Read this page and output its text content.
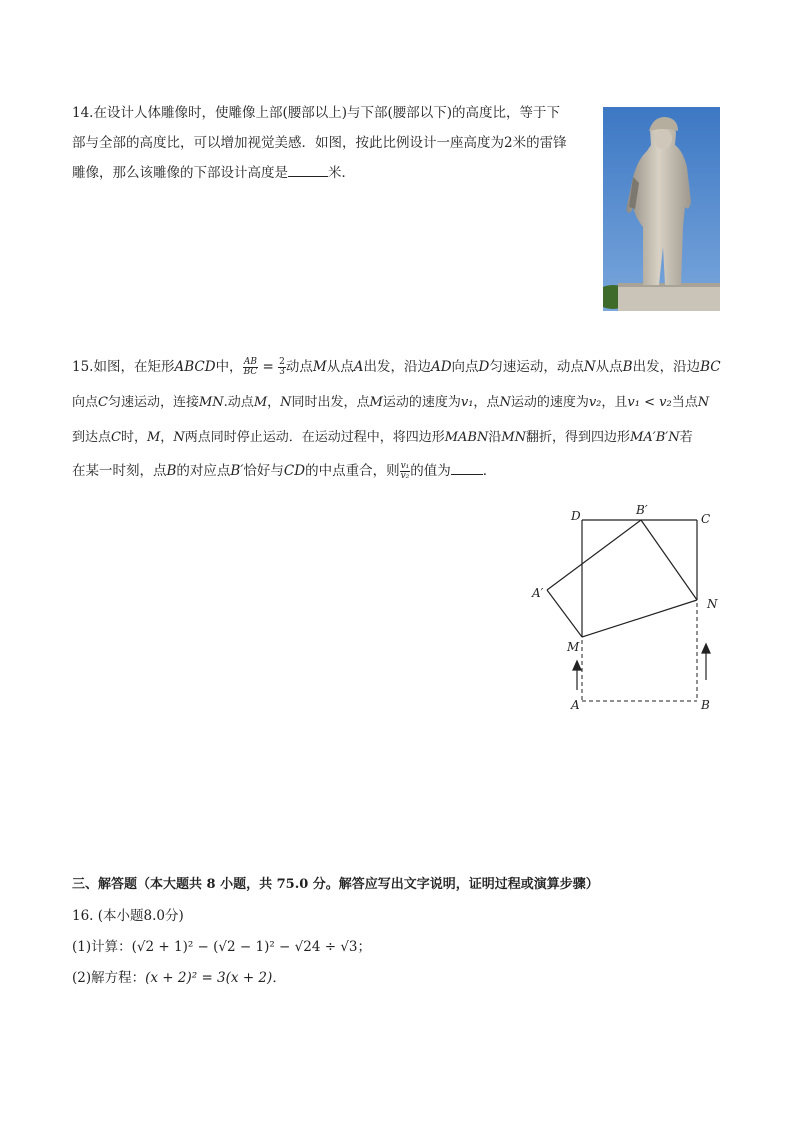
14.在设计人体雕像时，使雕像上部(腰部以上)与下部(腰部以下)的高度比，等于下
部与全部的高度比，可以增加视觉美感．如图，按此比例设计一座高度为2米的雷锋
雕像，那么该雕像的下部设计高度是	米．
15.如图，在矩形ABCD中， $\frac{AB}{BC} = \frac{2}{3}$ 动点M从点A出发，沿边AD向点D匀速运动，动点N从点B出发，沿边BC
向点C匀速运动，连接MN.动点M，N同时出发，点M运动的速度为v₁，点N运动的速度为v₂，且v₁ < v₂当点N
到达点C时，M，N两点同时停止运动．在运动过程中，将四边形MABN沿MN翻折，得到四边形MA′B′N若
在某一时刻，点B的对应点B′恰好与CD的中点重合，则 $\frac{\text{v₁}}{\text{v₂}}$ 的值为 ．
D	B′
C
A′
N
M
A	B
三、解答题（本大题共 8 小题，共 75.0 分。解答应写出文字说明，证明过程或演算步骤）
16. (本小题8.0分)
(1)计算：(√2 + 1)² − (√2 − 1)² − √24 ÷ √3；
(2)解方程：(x + 2)² = 3(x + 2)．
